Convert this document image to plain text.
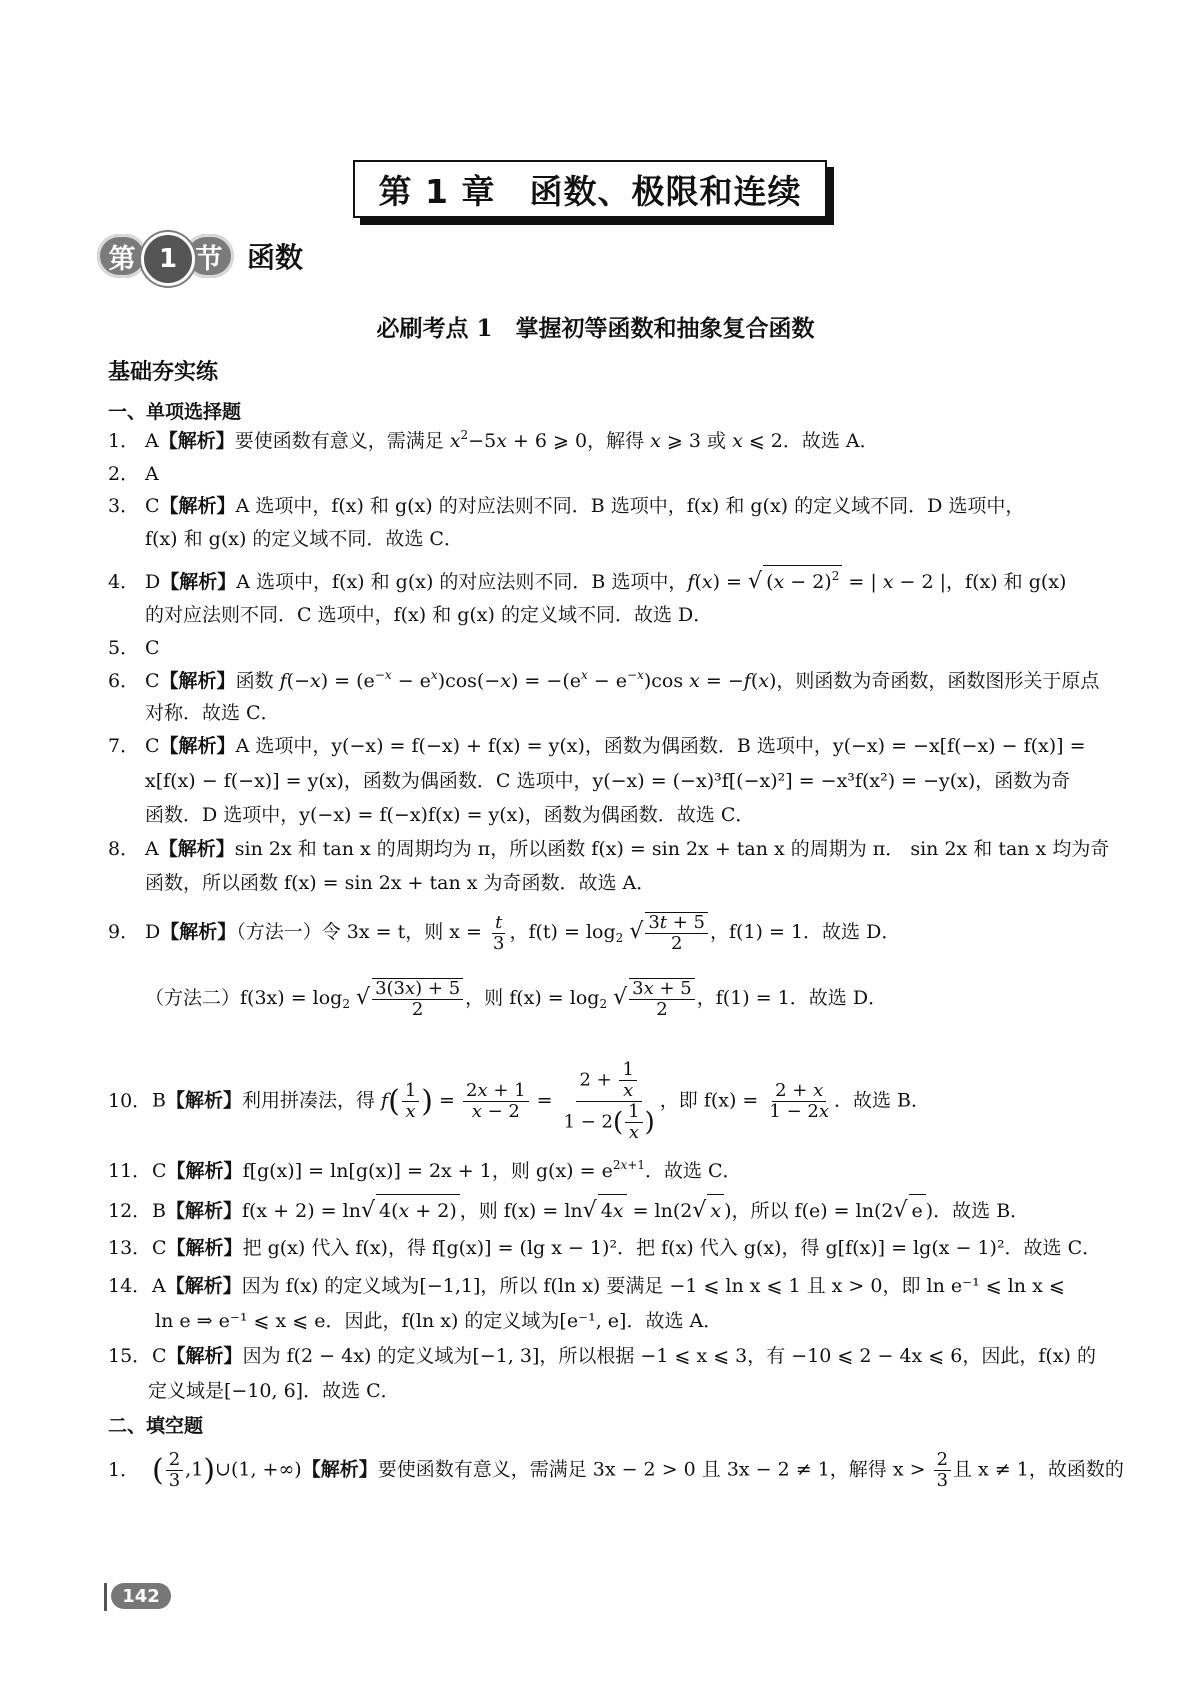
第 1 章　函数、极限和连续
第 节
1	函数
必刷考点 1　掌握初等函数和抽象复合函数
基础夯实练
一、单项选择题
1． A【解析】要使函数有意义，需满足 $x^2-5x + 6$ ⩾ 0，解得 x ⩾ 3 或 x ⩽ 2．故选 A．
2． A
3． C【解析】A 选项中，f(x) 和 g(x) 的对应法则不同．B 选项中，f(x) 和 g(x) 的定义域不同．D 选项中，
f(x) 和 g(x) 的定义域不同．故选 C．
4． D【解析】A 选项中，f(x) 和 g(x) 的对应法则不同．B 选项中，f(x) = √ $(x - 2)^2$ = | x − 2 |，f(x) 和 g(x)
的对应法则不同．C 选项中，f(x) 和 g(x) 的定义域不同．故选 D．
5． C
6． C【解析】函数 $f(-x) = (e^{-x} - e^x)\cos(-x) = -(e^x - e^{-x})\cos$ x = −f(x)，则函数为奇函数，函数图形关于原点
对称．故选 C．
7． C【解析】A 选项中，y(−x) = f(−x) + f(x) = y(x)，函数为偶函数．B 选项中，y(−x) = −x[f(−x) − f(x)] =
x[f(x) − f(−x)] = y(x)，函数为偶函数．C 选项中，y(−x) = (−x)³f[(−x)²] = −x³f(x²) = −y(x)，函数为奇
函数．D 选项中，y(−x) = f(−x)f(x) = y(x)，函数为偶函数．故选 C．
8． A【解析】sin 2x 和 tan x 的周期均为 π，所以函数 f(x) = sin 2x + tan x 的周期为 π． sin 2x 和 tan x 均为奇
函数，所以函数 f(x) = sin 2x + tan x 为奇函数．故选 A．
9． D【解析】（方法一）令 3x = t，则 $x = \frac{t}{3}$ ，$f(t) = \log_2$ √ $\frac{3t + 5}{2}$ ，f(1) = 1．故选 D．
（方法二）$f(3x) = \log_2$ √ $\frac{3(3x) + 5}{2}$ ，则 $f(x) = \log_2$ √ $\frac{3x + 5}{2}$ ，f(1) = 1．故选 D．
10．B【解析】利用拼凑法，得 $f( \frac{1}{x}$ ) = $\frac{2x + 1}{x - 2} = \frac{2 + \frac{1}{x}}{1 - 2( \frac{1}{x} )}$ ，即 $f(x) = \frac{2 + x}{1 - 2x}$ ．故选 B．
11．C【解析】f[g(x)] = ln[g(x)] = 2x + 1，则 $g(x) = e^{2x+1}$．故选 C．
12．B【解析】f(x + 2) = ln√ 4(x + 2) ，则 f(x) = ln√ 4x = ln(2√ x )，所以 f(e) = ln(2√ e )．故选 B．
13．C【解析】把 g(x) 代入 f(x)，得 f[g(x)] = (lg x − 1)²．把 f(x) 代入 g(x)，得 g[f(x)] = lg(x − 1)²．故选 C．
14．A【解析】因为 f(x) 的定义域为[−1,1]，所以 f(ln x) 要满足 −1 ⩽ ln x ⩽ 1 且 x > 0，即 ln e⁻¹ ⩽ ln x ⩽
ln e ⇒ e⁻¹ ⩽ x ⩽ e．因此，f(ln x) 的定义域为[e⁻¹, e]．故选 A．
15．C【解析】因为 f(2 − 4x) 的定义域为[−1, 3]，所以根据 −1 ⩽ x ⩽ 3，有 −10 ⩽ 2 − 4x ⩽ 6，因此，f(x) 的
定义域是[−10, 6]．故选 C．
二、填空题
1． ( $\frac{2}{3}$ ,1)∪(1, +∞)【解析】要使函数有意义，需满足 3x − 2 > 0 且 3x − 2 ≠ 1，解得 $x > \frac{2}{3}$ 且 x ≠ 1，故函数的
142
